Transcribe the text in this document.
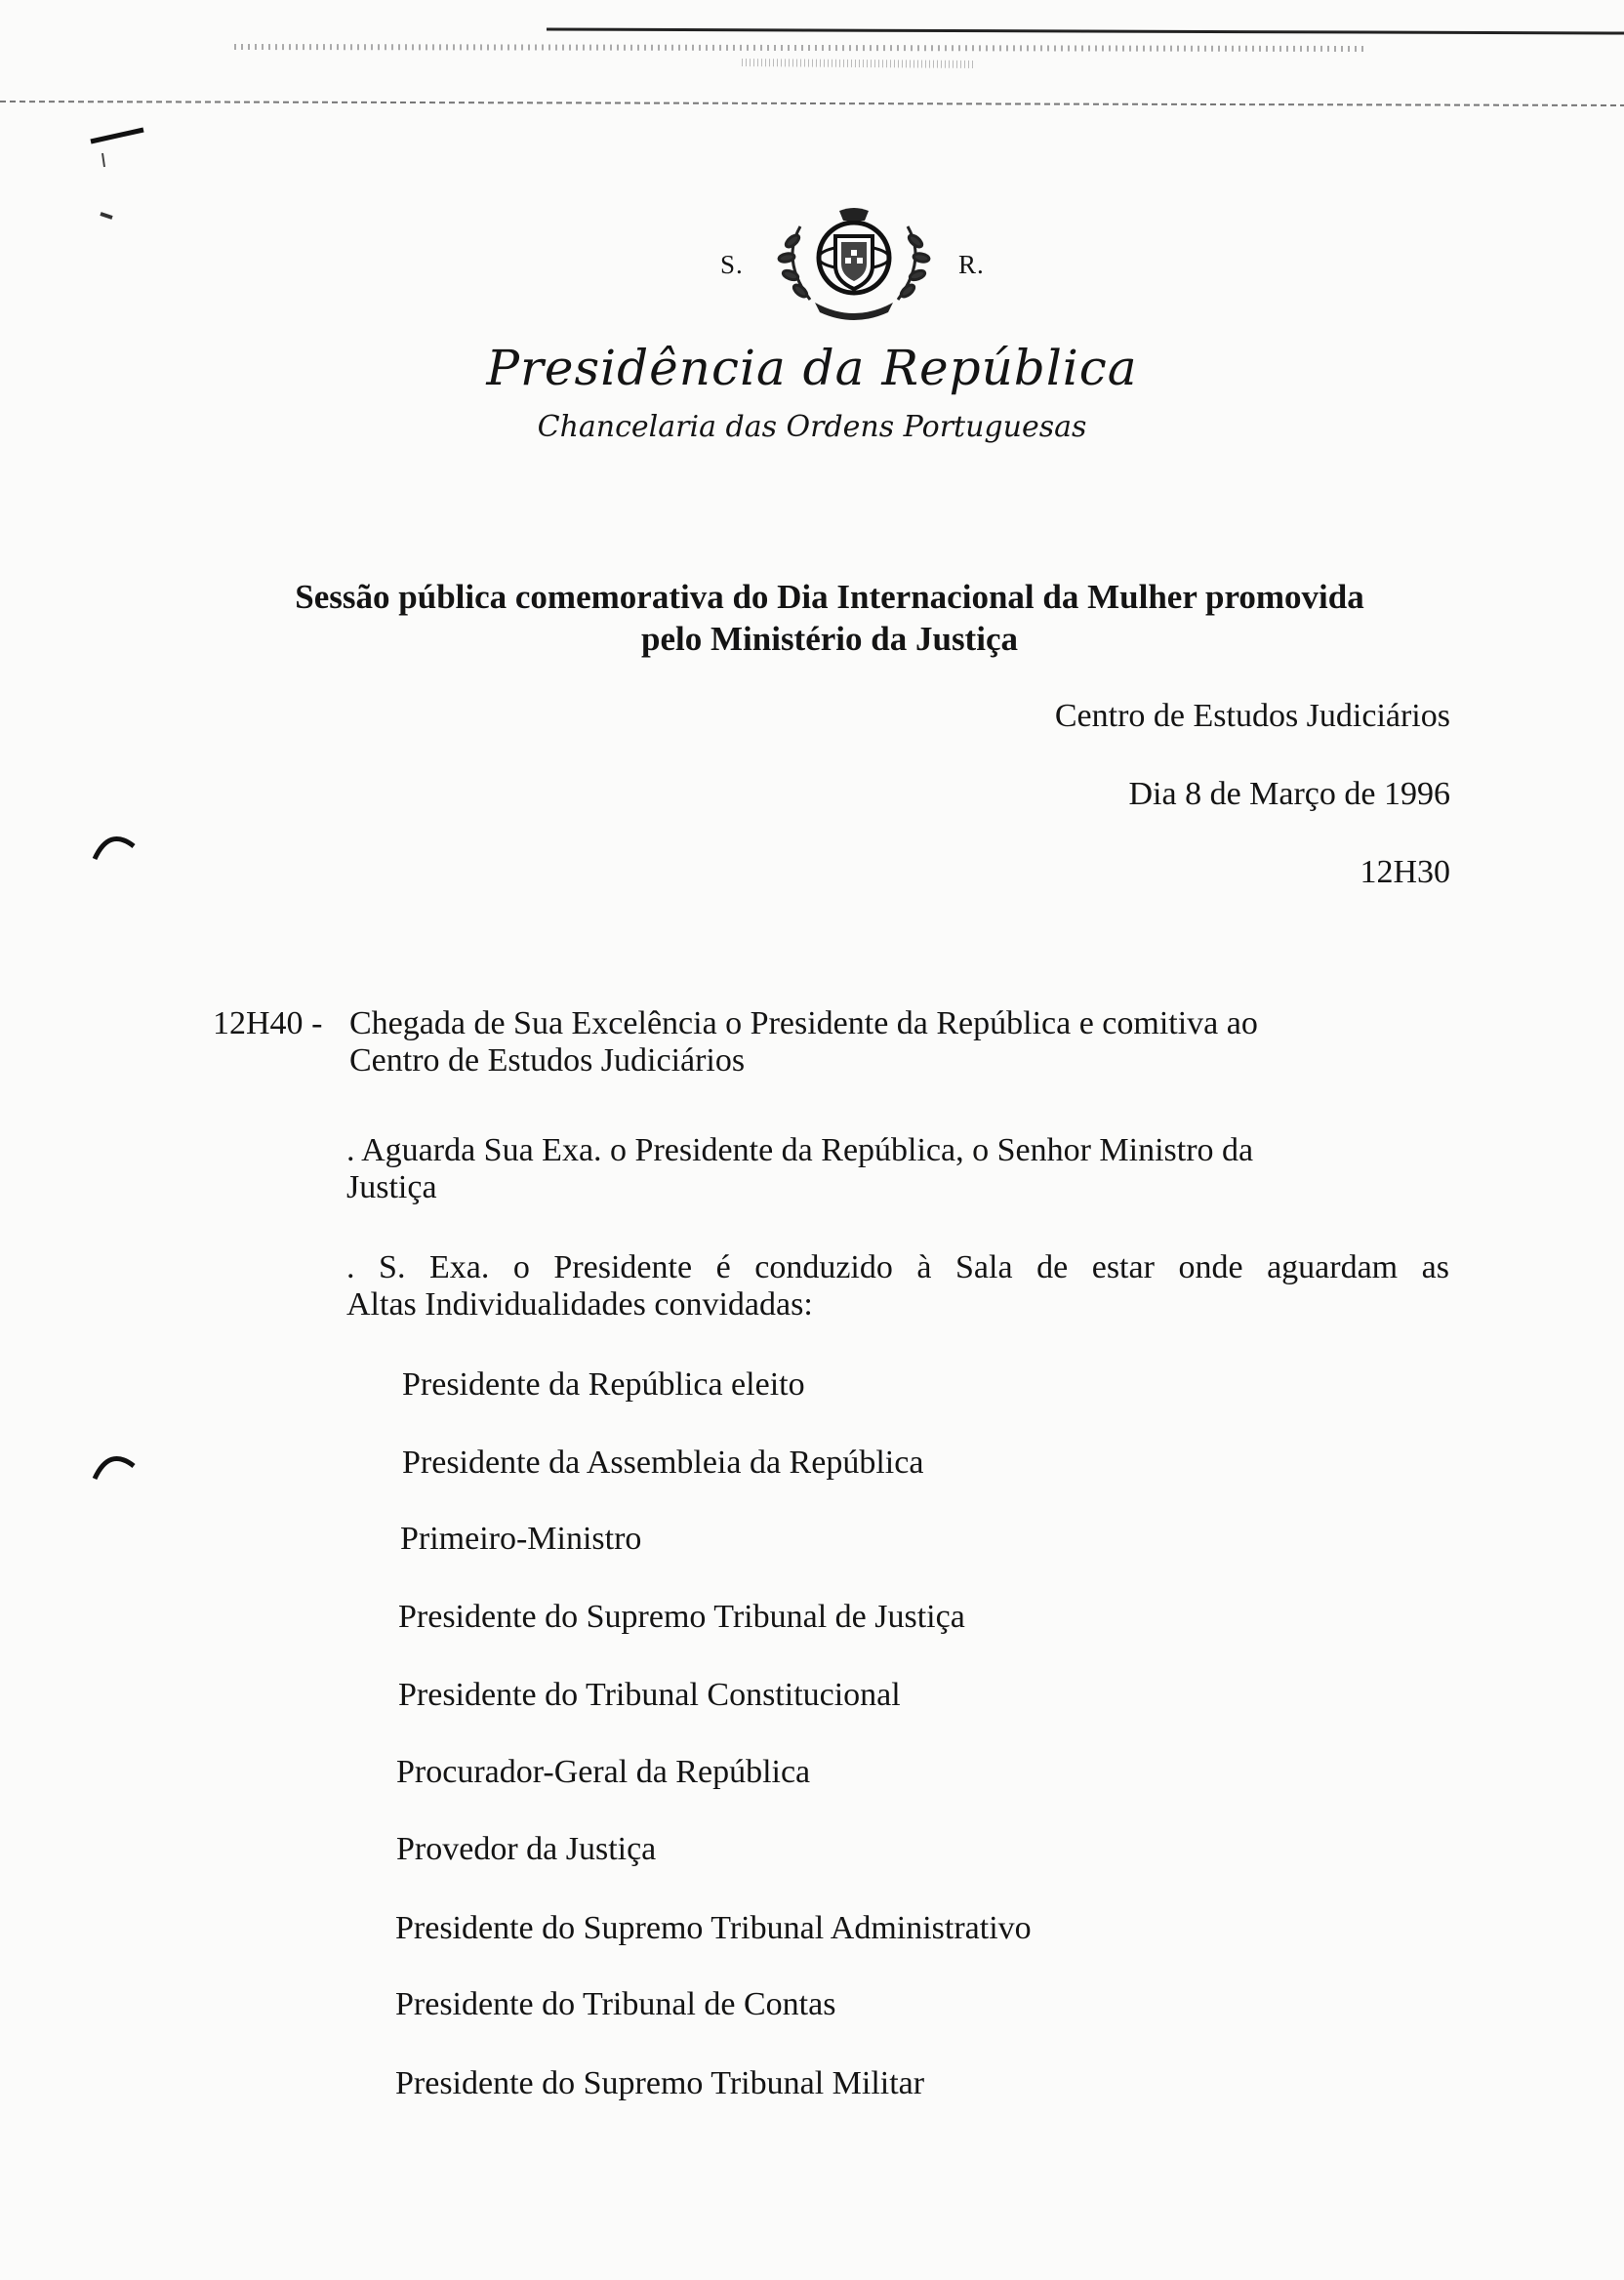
S.	R.
Presidência da República
Chancelaria das Ordens Portuguesas
Sessão pública comemorativa do Dia Internacional da Mulher promovida
pelo Ministério da Justiça
Centro de Estudos Judiciários
Dia 8 de Março de 1996
12H30
12H40 - Chegada de Sua Excelência o Presidente da República e comitiva ao
Centro de Estudos Judiciários
. Aguarda Sua Exa. o Presidente da República, o Senhor Ministro da
Justiça
. S. Exa. o Presidente é conduzido à Sala de estar onde aguardam as
Altas Individualidades convidadas:
Presidente da República eleito
Presidente da Assembleia da República
Primeiro-Ministro
Presidente do Supremo Tribunal de Justiça
Presidente do Tribunal Constitucional
Procurador-Geral da República
Provedor da Justiça
Presidente do Supremo Tribunal Administrativo
Presidente do Tribunal de Contas
Presidente do Supremo Tribunal Militar
